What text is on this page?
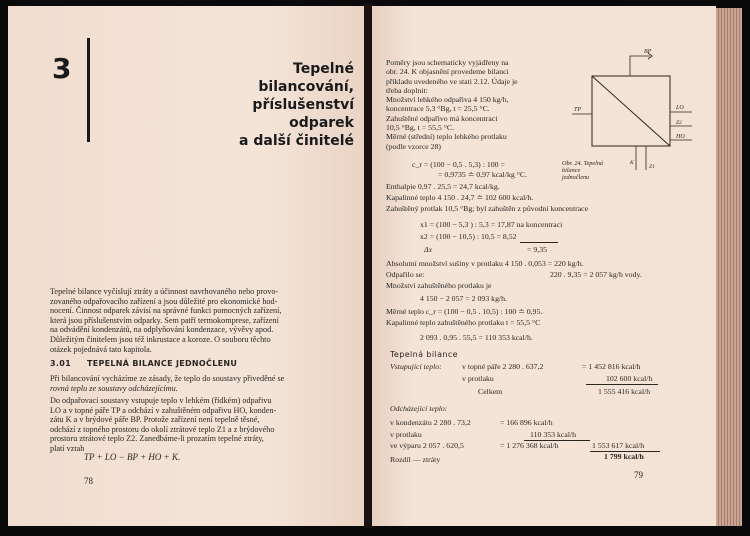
3	Tepelné
bilancování,
příslušenství
odparek
a další činitelé
Tepelné bilance vyčíslují ztráty a účinnost navrhovaného nebo provo-
zovaného odpařovacího zařízení a jsou důležité pro ekonomické hod-
nocení. Činnost odparek závisí na správné funkci pomocných zařízení,
která jsou příslušenstvím odparky. Sem patří termokomprese, zařízení
na odvádění kondenzátů, na odplyňování kondenzace, vývěvy apod.
Důležitým činitelem jsou též inkrustace a koroze. O souboru těchto
otázek pojednává tato kapitola.
3.01 TEPELNÁ BILANCE JEDNOČLENU
Při bilancování vycházíme ze zásady, že teplo do soustavy přiveděné se
rovná teplu ze soustavy odcházejícímu.
Do odpařovací soustavy vstupuje teplo v lehkém (řídkém) odpařivu
LO a v topné páře TP a odchází v zahuštěném odpařivu HO, konden-
zátu K a v brýdové páře BP. Protože zařízení není tepelně těsné,
odchází z topného prostoru do okolí ztrátové teplo Z1 a z brýdového
prostoru ztrátové teplo Z2. Zanedbáme-li prozatím tepelné ztráty,
platí vztah
TP + LO − BP + HO + K.
78
Poměry jsou schematicky vyjádřeny na
obr. 24. K objasnění provedeme bilanci
příkladu uvedeného ve stati 2.12. Údaje je
třeba doplnit:
Množství lehkého odpařiva 4 150 kg/h,
koncentrace 5,3 °Bg, t = 25,5 °C.
Zahuštěné odpařivo má koncentraci
10,5 °Bg, t = 55,5 °C.
Měrné (střední) teplo lehkého protlaku
(podle vzorce 28)
c_r = (100 − 0,5 . 5,3) : 100 =
= 0,9735 ≐ 0,97 kcal/kg °C.
Enthalpie 0,97 . 25,5 = 24,7 kcal/kg.
Kapalinné teplo 4 150 . 24,7 ≐ 102 600 kcal/h.
Zahuštěný protlak 10,5 °Bg; byl zahuštěn z původní koncentrace
x1 = (100 − 5,3 ) : 5,3 = 17,87 na koncentraci
x2 = (100 − 10,5) : 10,5 = 8,52
Δx	= 9,35
Absolutní množství sušiny v protlaku 4 150 . 0,053 = 220 kg/h.
Odpařilo se:	220 . 9,35 = 2 057 kg/h vody.
Množství zahuštěného protlaku je
4 150 − 2 057 = 2 093 kg/h.
Měrné teplo c_r = (100 − 0,5 . 10,5) : 100 ≐ 0,95.
Kapalinné teplo zahuštěného protlaku t = 55,5 °C
2 093 . 0,95 . 55,5 = 110 353 kcal/h.
Tepelná bilance
Vstupující teplo:	v topné páře 2 280 . 637,2	= 1 452 816 kcal/h
v protlaku	102 600 kcal/h
Celkem	1 555 416 kcal/h
Odcházející teplo:
v kondenzátu 2 280 . 73,2	= 166 896 kcal/h
v protlaku	110 353 kcal/h
ve výparu 2 057 . 620,5	= 1 276 368 kcal/h	1 553 617 kcal/h
Rozdíl — ztráty	1 799 kcal/h
79
BP
TP	LO
Z2
HO
K
Z1
Obr. 24. Tepelná
bilance
jednočlenu
